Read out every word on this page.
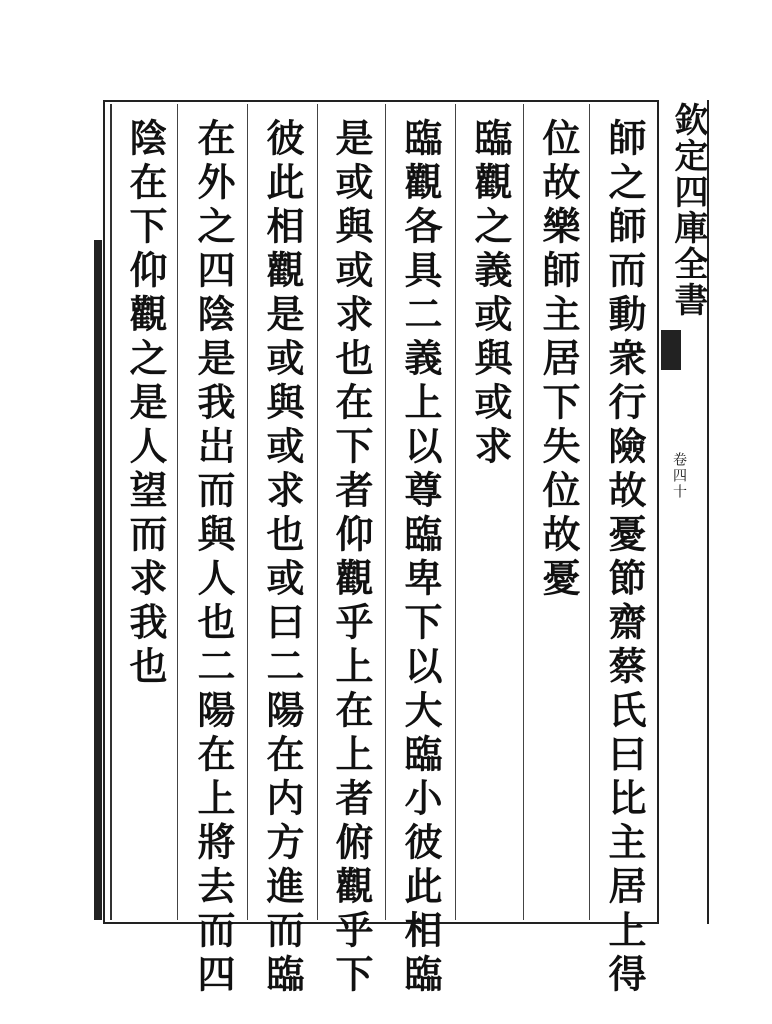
欽定四庫全書
卷四十
師之師而動衆行險故憂節齋蔡氏曰比主居上得
位故樂師主居下失位故憂
臨觀之義或與或求
臨觀各具二義上以尊臨卑下以大臨小彼此相臨
是或與或求也在下者仰觀乎上在上者俯觀乎下
彼此相觀是或與或求也或曰二陽在内方進而臨
在外之四陰是我岀而與人也二陽在上將去而四
陰在下仰觀之是人望而求我也
